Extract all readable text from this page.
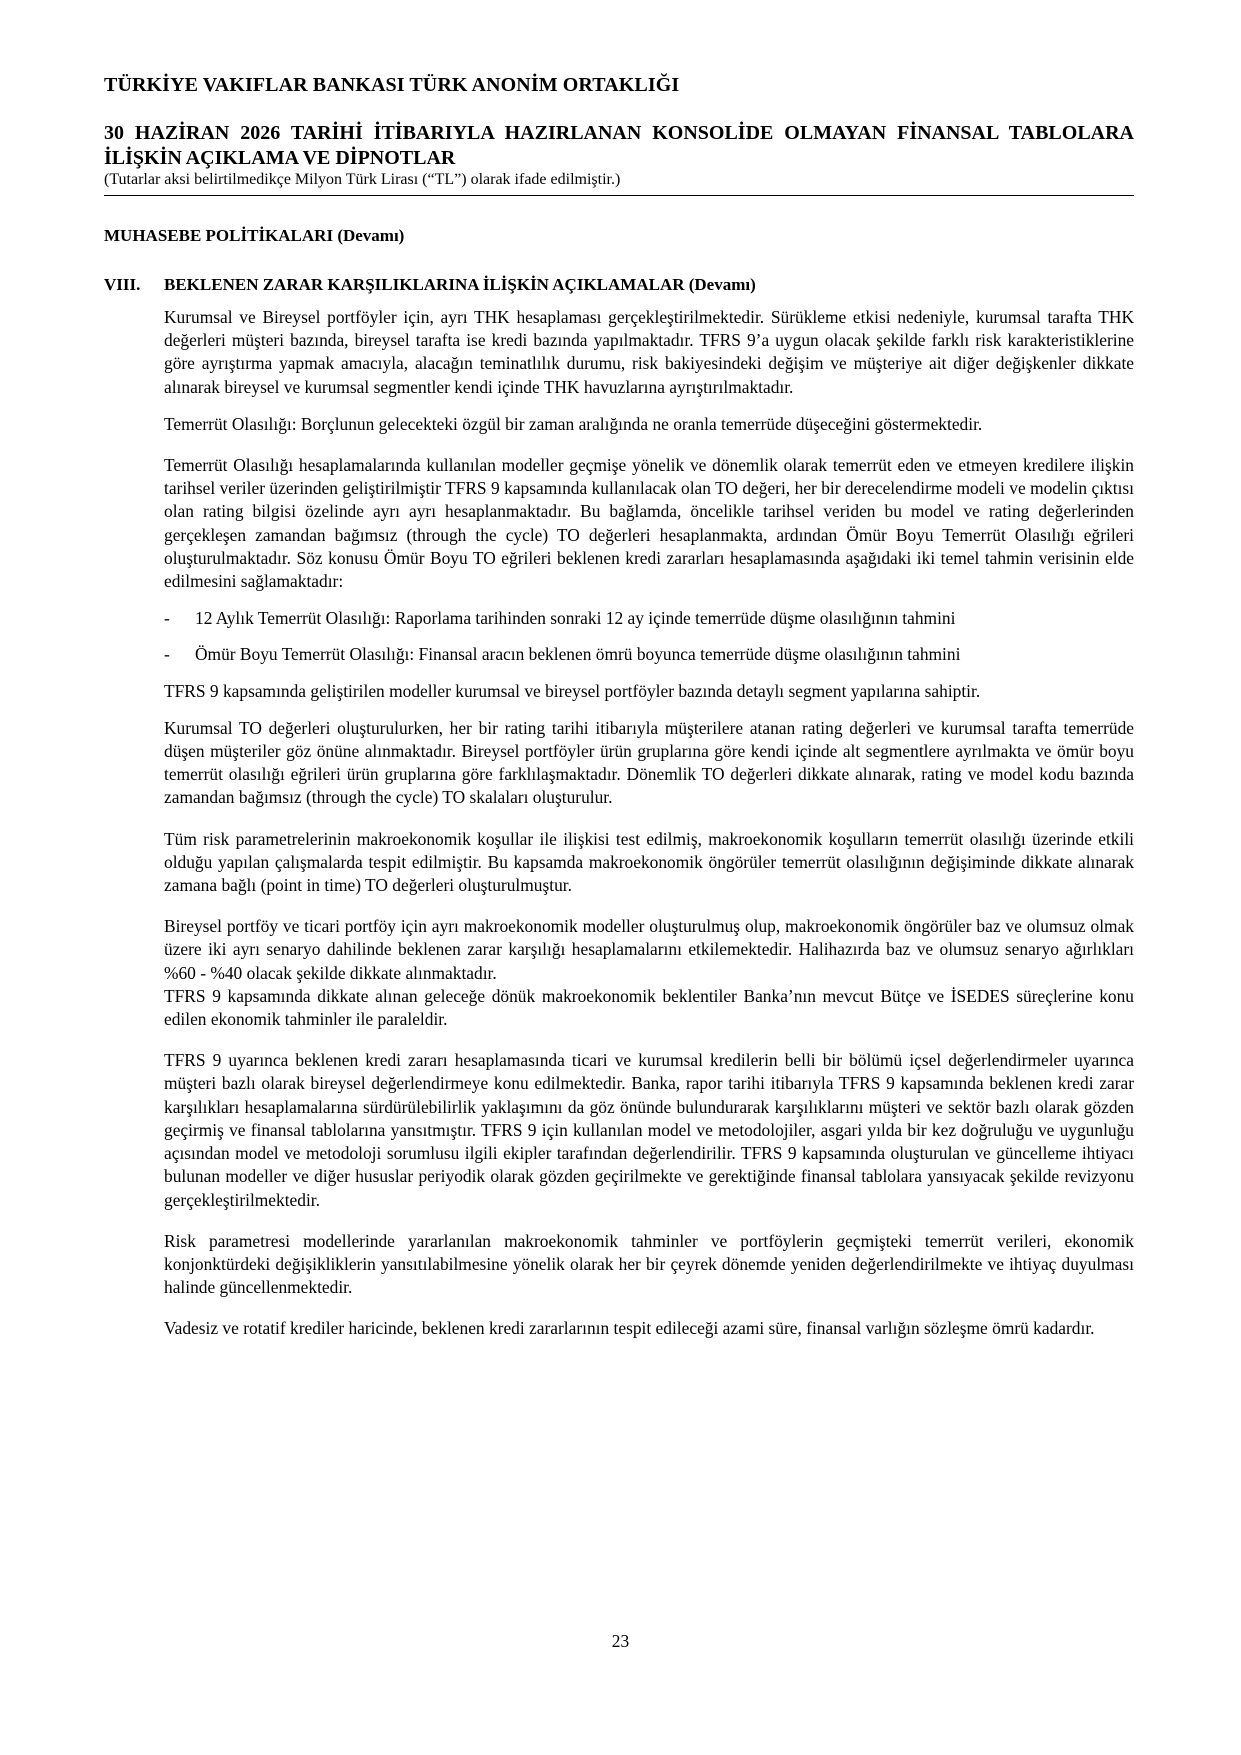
TÜRKİYE VAKIFLAR BANKASI TÜRK ANONİM ORTAKLIĞI
30 HAZİRAN 2026 TARİHİ İTİBARIYLA HAZIRLANAN KONSOLİDE OLMAYAN FİNANSAL TABLOLARA İLİŞKİN AÇIKLAMA VE DİPNOTLAR
(Tutarlar aksi belirtilmedikçe Milyon Türk Lirası (“TL”) olarak ifade edilmiştir.)
MUHASEBE POLİTİKALARI (Devamı)
VIII. BEKLENEN ZARAR KARŞILIKLARINA İLİŞKİN AÇIKLAMALAR (Devamı)

Kurumsal ve Bireysel portföyler için, ayrı THK hesaplaması gerçekleştirilmektedir. Sürükleme etkisi nedeniyle, kurumsal tarafta THK değerleri müşteri bazında, bireysel tarafta ise kredi bazında yapılmaktadır. TFRS 9’a uygun olacak şekilde farklı risk karakteristiklerine göre ayrıştırma yapmak amacıyla, alacağın teminatlılık durumu, risk bakiyesindeki değişim ve müşteriye ait diğer değişkenler dikkate alınarak bireysel ve kurumsal segmentler kendi içinde THK havuzlarına ayrıştırılmaktadır.

Temerrüt Olasılığı: Borçlunun gelecekteki özgül bir zaman aralığında ne oranla temerrüde düşeceğini göstermektedir.

Temerrüt Olasılığı hesaplamalarında kullanılan modeller geçmişe yönelik ve dönemlik olarak temerrüt eden ve etmeyen kredilere ilişkin tarihsel veriler üzerinden geliştirilmiştir TFRS 9 kapsamında kullanılacak olan TO değeri, her bir derecelendirme modeli ve modelin çıktısı olan rating bilgisi özelinde ayrı ayrı hesaplanmaktadır. Bu bağlamda, öncelikle tarihsel veriden bu model ve rating değerlerinden gerçekleşen zamandan bağımsız (through the cycle) TO değerleri hesaplanmakta, ardından Ömür Boyu Temerrüt Olasılığı eğrileri oluşturulmaktadır. Söz konusu Ömür Boyu TO eğrileri beklenen kredi zararları hesaplamasında aşağıdaki iki temel tahmin verisinin elde edilmesini sağlamaktadır:

- 12 Aylık Temerrüt Olasılığı: Raporlama tarihinden sonraki 12 ay içinde temerrüde düşme olasılığının tahmini
- Ömür Boyu Temerrüt Olasılığı: Finansal aracın beklenen ömrü boyunca temerrüde düşme olasılığının tahmini

TFRS 9 kapsamında geliştirilen modeller kurumsal ve bireysel portföyler bazında detaylı segment yapılarına sahiptir.

Kurumsal TO değerleri oluşturulurken, her bir rating tarihi itibarıyla müşterilere atanan rating değerleri ve kurumsal tarafta temerrüde düşen müşteriler göz önüne alınmaktadır. Bireysel portföyler ürün gruplarına göre kendi içinde alt segmentlere ayrılmakta ve ömür boyu temerrüt olasılığı eğrileri ürün gruplarına göre farklılaşmaktadır. Dönemlik TO değerleri dikkate alınarak, rating ve model kodu bazında zamandan bağımsız (through the cycle) TO skalaları oluşturulur.

Tüm risk parametrelerinin makroekonomik koşullar ile ilişkisi test edilmiş, makroekonomik koşulların temerrüt olasılığı üzerinde etkili olduğu yapılan çalışmalarda tespit edilmiştir. Bu kapsamda makroekonomik öngörüler temerrüt olasılığının değişiminde dikkate alınarak zamana bağlı (point in time) TO değerleri oluşturulmuştur.

Bireysel portföy ve ticari portföy için ayrı makroekonomik modeller oluşturulmuş olup, makroekonomik öngörüler baz ve olumsuz olmak üzere iki ayrı senaryo dahilinde beklenen zarar karşılığı hesaplamalarını etkilemektedir. Halihazırda baz ve olumsuz senaryo ağırlıkları %60 - %40 olacak şekilde dikkate alınmaktadır.

TFRS 9 kapsamında dikkate alınan geleceğe dönük makroekonomik beklentiler Banka’nın mevcut Bütçe ve İSEDES süreçlerine konu edilen ekonomik tahminler ile paraleldir.

TFRS 9 uyarınca beklenen kredi zararı hesaplamasında ticari ve kurumsal kredilerin belli bir bölümü içsel değerlendirmeler uyarınca müşteri bazlı olarak bireysel değerlendirmeye konu edilmektedir. Banka, rapor tarihi itibarıyla TFRS 9 kapsamında beklenen kredi zarar karşılıkları hesaplamalarına sürdürülebilirlik yaklaşımını da göz önünde bulundurarak karşılıklarını müşteri ve sektör bazlı olarak gözden geçirmiş ve finansal tablolarına yansıtmıştır. TFRS 9 için kullanılan model ve metodolojiler, asgari yılda bir kez doğruluğu ve uygunluğu açısından model ve metodoloji sorumlusu ilgili ekipler tarafından değerlendirilir. TFRS 9 kapsamında oluşturulan ve güncelleme ihtiyacı bulunan modeller ve diğer hususlar periyodik olarak gözden geçirilmekte ve gerektiğinde finansal tablolara yansıyacak şekilde revizyonu gerçekleştirilmektedir.

Risk parametresi modellerinde yararlanılan makroekonomik tahminler ve portföylerin geçmişteki temerrüt verileri, ekonomik konjonktürdeki değişikliklerin yansıtılabilmesine yönelik olarak her bir çeyrek dönemde yeniden değerlendirilmekte ve ihtiyaç duyulması halinde güncellenmektedir.

Vadesiz ve rotatif krediler haricinde, beklenen kredi zararlarının tespit edileceği azami süre, finansal varlığın sözleşme ömrü kadardır.

23
